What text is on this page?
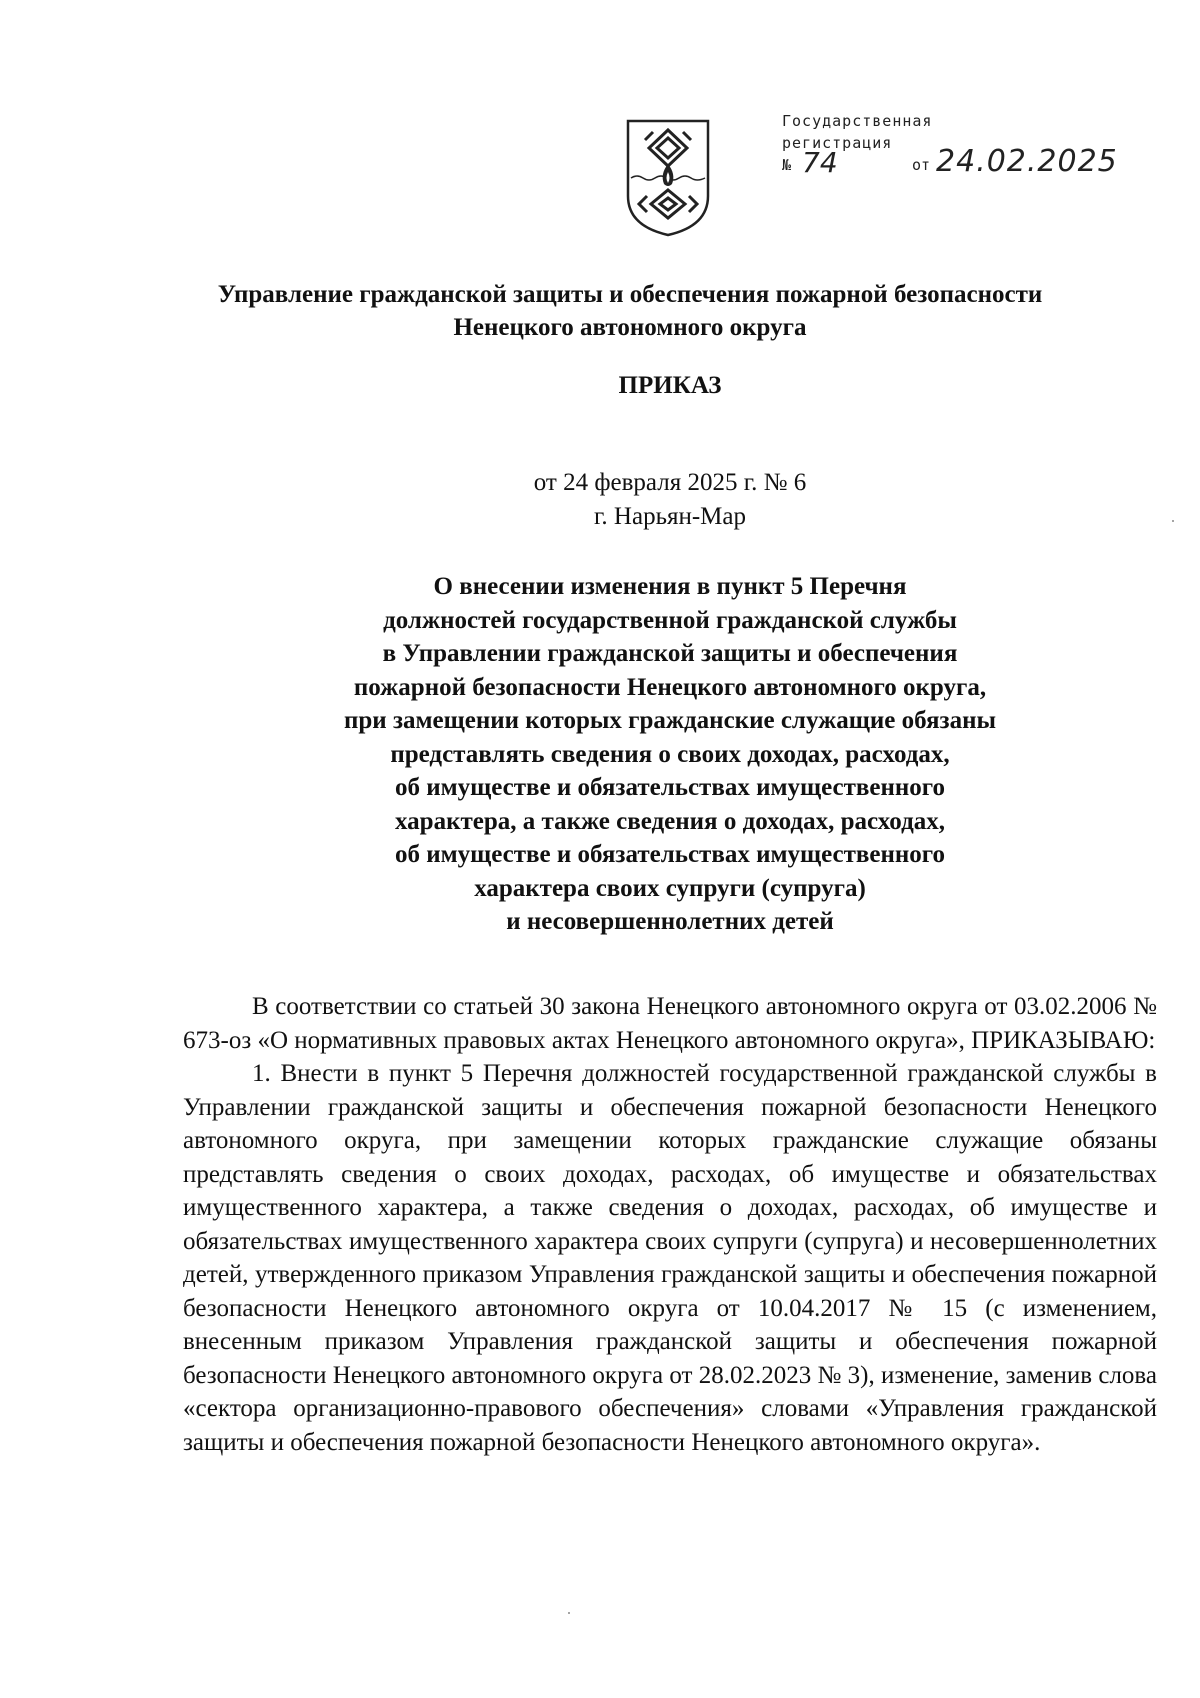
Государственная
регистрация
№ 74	от 24.02.2025
Управление гражданской защиты и обеспечения пожарной безопасности
Ненецкого автономного округа
ПРИКАЗ
от 24 февраля 2025 г. № 6
г. Нарьян-Мар
О внесении изменения в пункт 5 Перечня
должностей государственной гражданской службы
в Управлении гражданской защиты и обеспечения
пожарной безопасности Ненецкого автономного округа,
при замещении которых гражданские служащие обязаны
представлять сведения о своих доходах, расходах,
об имуществе и обязательствах имущественного
характера, а также сведения о доходах, расходах,
об имуществе и обязательствах имущественного
характера своих супруги (супруга)
и несовершеннолетних детей

В соответствии со статьей 30 закона Ненецкого автономного округа от 03.02.2006 № 673-оз «О нормативных правовых актах Ненецкого автономного округа», ПРИКАЗЫВАЮ:

1. Внести в пункт 5 Перечня должностей государственной гражданской службы в Управлении гражданской защиты и обеспечения пожарной безопасности Ненецкого автономного округа, при замещении которых гражданские служащие обязаны представлять сведения о своих доходах, расходах, об имуществе и обязательствах имущественного характера, а также сведения о доходах, расходах, об имуществе и обязательствах имущественного характера своих супруги (супруга) и несовершеннолетних детей, утвержденного приказом Управления гражданской защиты и обеспечения пожарной безопасности Ненецкого автономного округа от 10.04.2017 № 15 (с изменением, внесенным приказом Управления гражданской защиты и обеспечения пожарной безопасности Ненецкого автономного округа от 28.02.2023 № 3), изменение, заменив слова «сектора организационно-правового обеспечения» словами «Управления гражданской защиты и обеспечения пожарной безопасности Ненецкого автономного округа».
